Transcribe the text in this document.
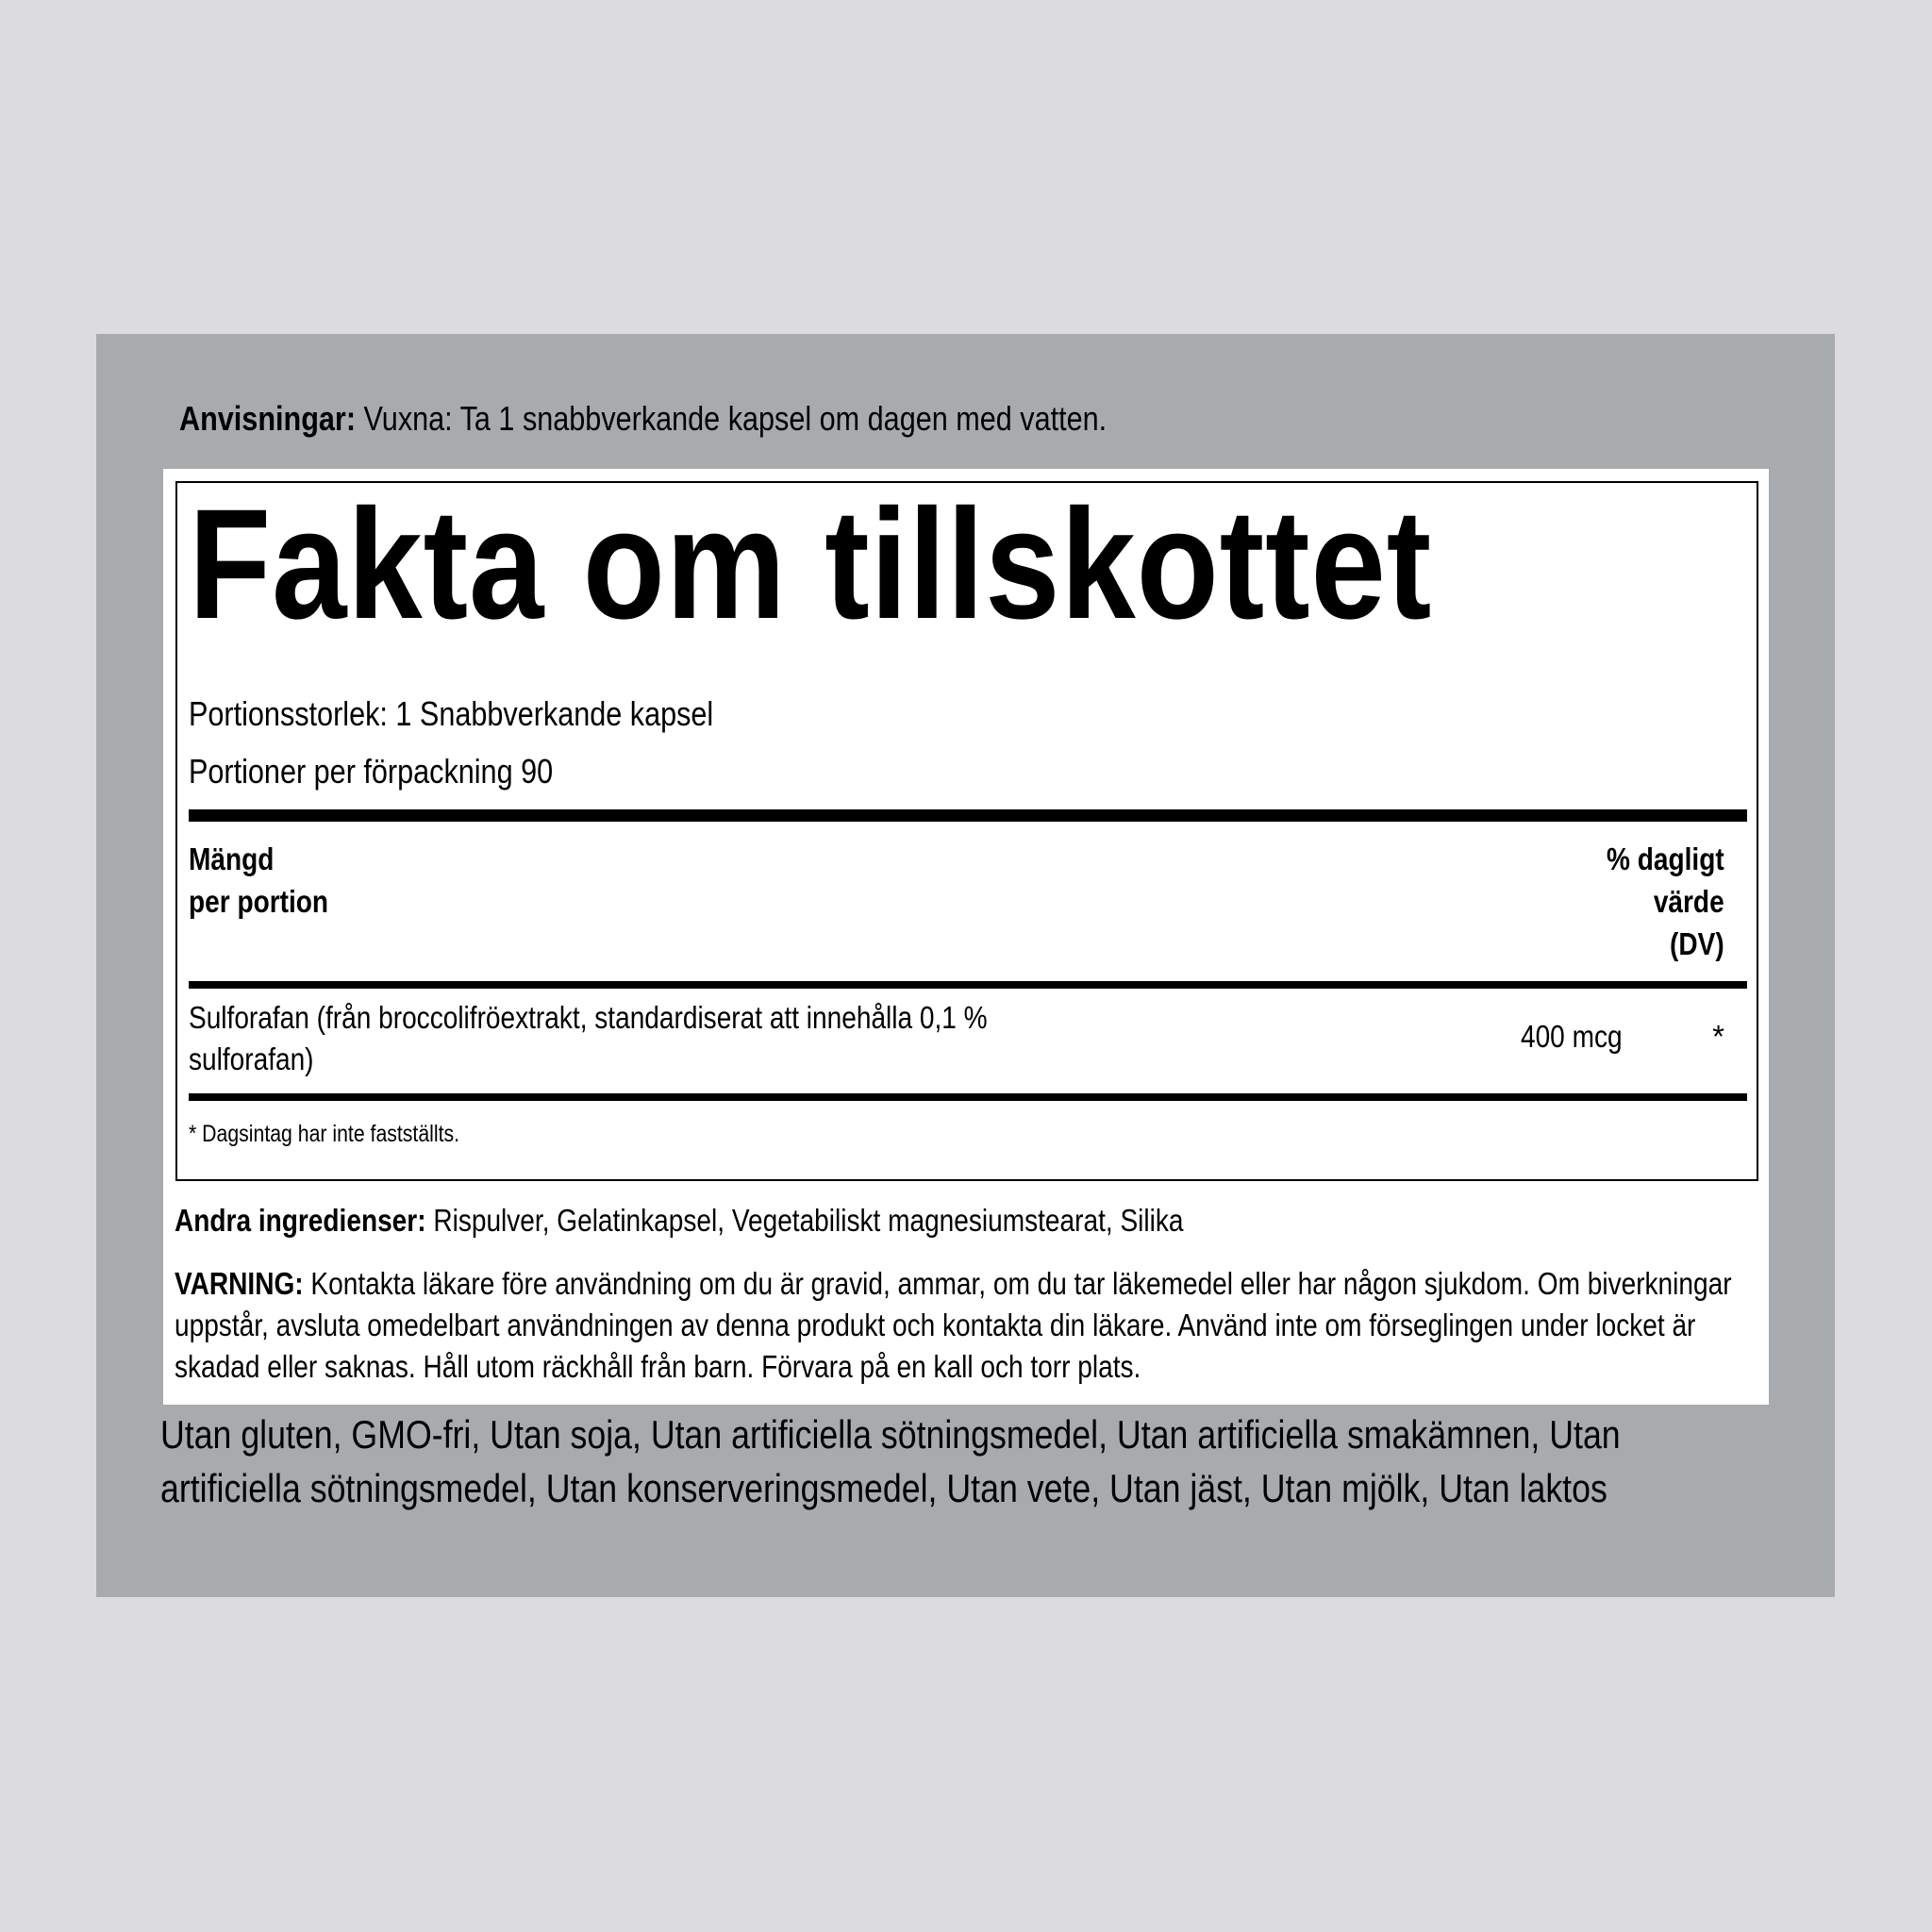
Anvisningar: Vuxna: Ta 1 snabbverkande kapsel om dagen med vatten.
Fakta om tillskottet
Portionsstorlek: 1 Snabbverkande kapsel
Portioner per förpackning 90
Mängd
per portion
% dagligt
värde
(DV)
Sulforafan (från broccolifröextrakt, standardiserat att innehålla 0,1 %
sulforafan)
400 mcg	*
* Dagsintag har inte fastställts.
Andra ingredienser: Rispulver, Gelatinkapsel, Vegetabiliskt magnesiumstearat, Silika
VARNING: Kontakta läkare före användning om du är gravid, ammar, om du tar läkemedel eller har någon sjukdom. Om biverkningar uppstår, avsluta omedelbart användningen av denna produkt och kontakta din läkare. Använd inte om förseglingen under locket är skadad eller saknas. Håll utom räckhåll från barn. Förvara på en kall och torr plats.
Utan gluten, GMO-fri, Utan soja, Utan artificiella sötningsmedel, Utan artificiella smakämnen, Utan artificiella sötningsmedel, Utan konserveringsmedel, Utan vete, Utan jäst, Utan mjölk, Utan laktos
